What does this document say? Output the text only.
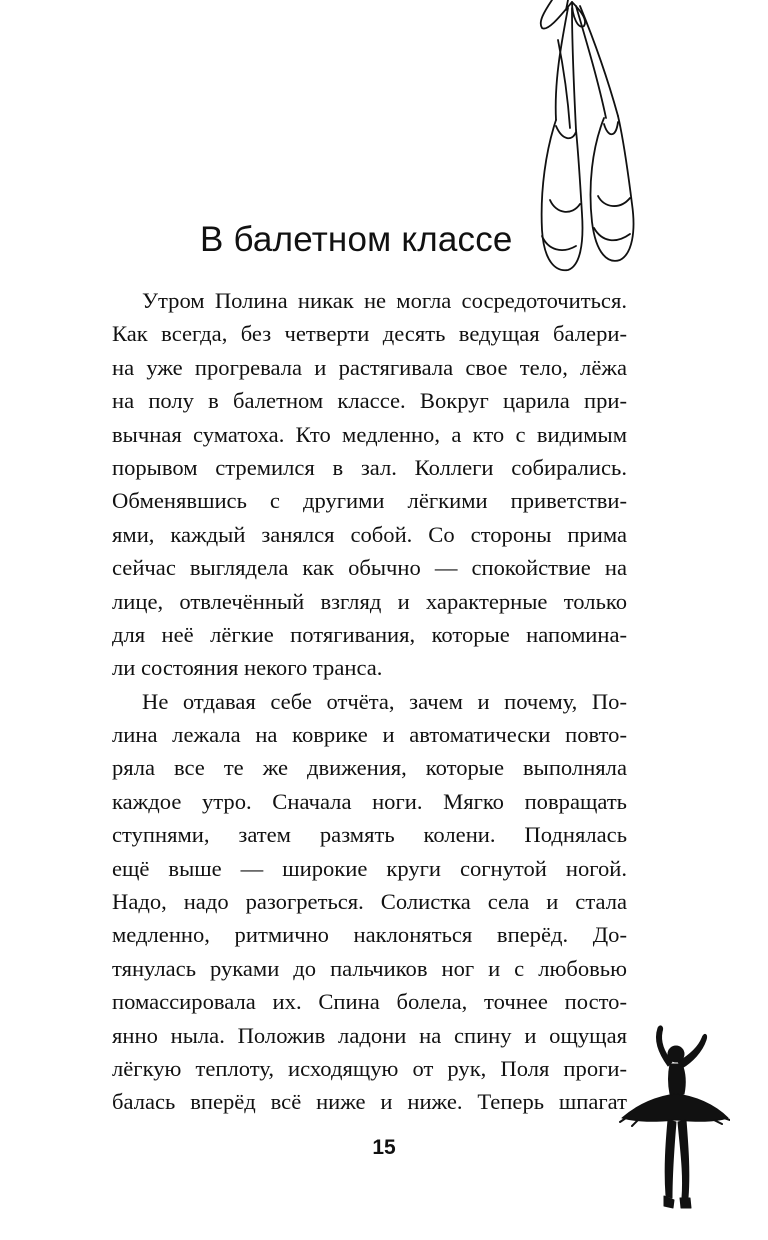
В балетном классе
Утром Полина никак не могла сосредоточиться.
Как всегда, без четверти десять ведущая балери-
на уже прогревала и растягивала свое тело, лёжа
на полу в балетном классе. Вокруг царила при-
вычная суматоха. Кто медленно, а кто с видимым
порывом стремился в зал. Коллеги собирались.
Обменявшись с другими лёгкими приветстви-
ями, каждый занялся собой. Со стороны прима
сейчас выглядела как обычно — спокойствие на
лице, отвлечённый взгляд и характерные только
для неё лёгкие потягивания, которые напомина-
ли состояния некого транса.
Не отдавая себе отчёта, зачем и почему, По-
лина лежала на коврике и автоматически повто-
ряла все те же движения, которые выполняла
каждое утро. Сначала ноги. Мягко повращать
ступнями, затем размять колени. Поднялась
ещё выше — широкие круги согнутой ногой.
Надо, надо разогреться. Солистка села и стала
медленно, ритмично наклоняться вперёд. До-
тянулась руками до пальчиков ног и с любовью
помассировала их. Спина болела, точнее посто-
янно ныла. Положив ладони на спину и ощущая
лёгкую теплоту, исходящую от рук, Поля проги-
балась вперёд всё ниже и ниже. Теперь шпагат
15
